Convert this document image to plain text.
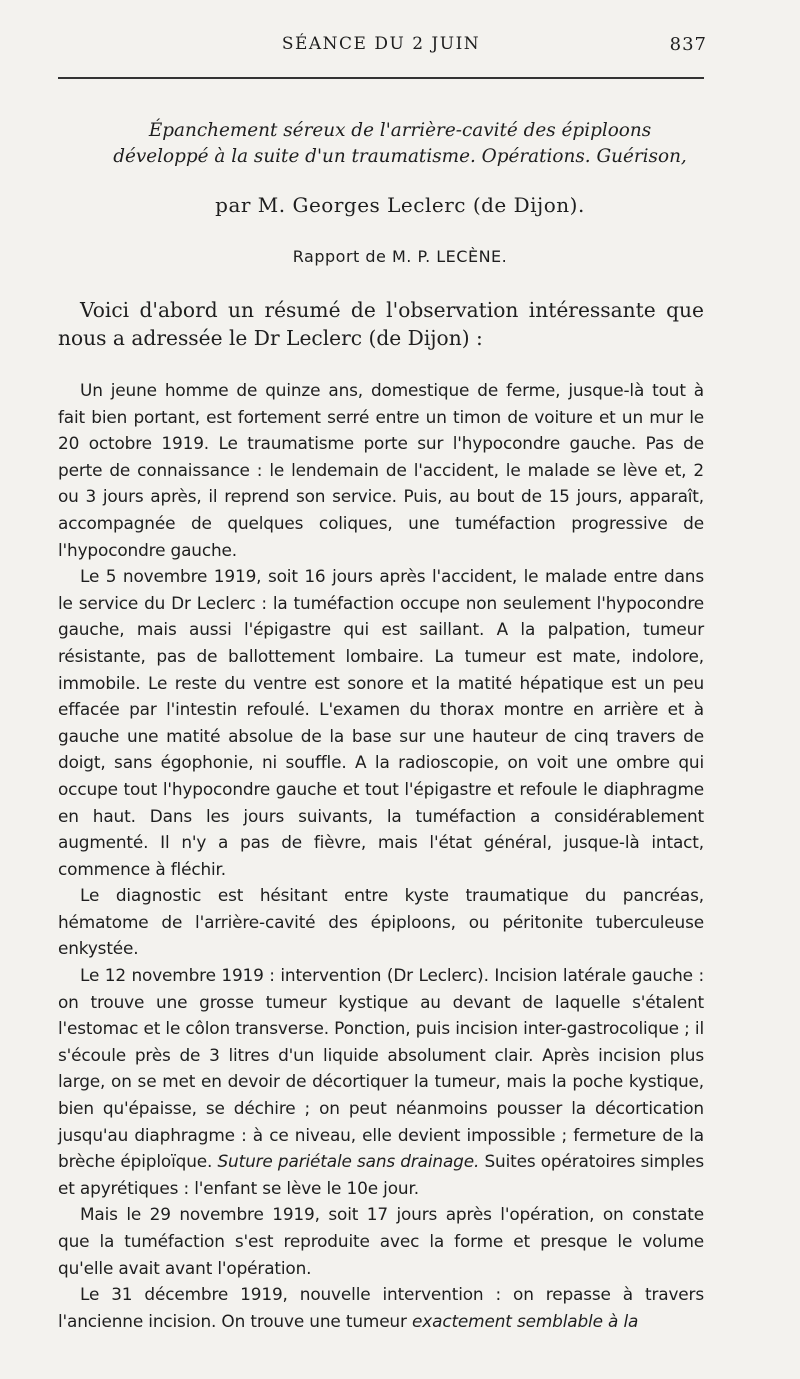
SÉANCE DU 2 JUIN	837
Épanchement séreux de l'arrière-cavité des épiploons
développé à la suite d'un traumatisme. Opérations. Guérison,
par M. Georges Leclerc (de Dijon).
Rapport de M. P. LECÈNE.

Voici d'abord un résumé de l'observation intéressante que nous a adressée le Dr Leclerc (de Dijon) :

Un jeune homme de quinze ans, domestique de ferme, jusque-là tout à fait bien portant, est fortement serré entre un timon de voiture et un mur le 20 octobre 1919. Le traumatisme porte sur l'hypocondre gauche. Pas de perte de connaissance : le lendemain de l'accident, le malade se lève et, 2 ou 3 jours après, il reprend son service. Puis, au bout de 15 jours, apparaît, accompagnée de quelques coliques, une tuméfaction progressive de l'hypocondre gauche.

Le 5 novembre 1919, soit 16 jours après l'accident, le malade entre dans le service du Dr Leclerc : la tuméfaction occupe non seulement l'hypocondre gauche, mais aussi l'épigastre qui est saillant. A la palpation, tumeur résistante, pas de ballottement lombaire. La tumeur est mate, indolore, immobile. Le reste du ventre est sonore et la matité hépatique est un peu effacée par l'intestin refoulé. L'examen du thorax montre en arrière et à gauche une matité absolue de la base sur une hauteur de cinq travers de doigt, sans égophonie, ni souffle. A la radioscopie, on voit une ombre qui occupe tout l'hypocondre gauche et tout l'épigastre et refoule le diaphragme en haut. Dans les jours suivants, la tuméfaction a considérablement augmenté. Il n'y a pas de fièvre, mais l'état général, jusque-là intact, commence à fléchir.

Le diagnostic est hésitant entre kyste traumatique du pancréas, hématome de l'arrière-cavité des épiploons, ou péritonite tuberculeuse enkystée.

Le 12 novembre 1919 : intervention (Dr Leclerc). Incision latérale gauche : on trouve une grosse tumeur kystique au devant de laquelle s'étalent l'estomac et le côlon transverse. Ponction, puis incision inter-gastrocolique ; il s'écoule près de 3 litres d'un liquide absolument clair. Après incision plus large, on se met en devoir de décortiquer la tumeur, mais la poche kystique, bien qu'épaisse, se déchire ; on peut néanmoins pousser la décortication jusqu'au diaphragme : à ce niveau, elle devient impossible ; fermeture de la brèche épiploïque. Suture pariétale sans drainage. Suites opératoires simples et apyrétiques : l'enfant se lève le 10e jour.

Mais le 29 novembre 1919, soit 17 jours après l'opération, on constate que la tuméfaction s'est reproduite avec la forme et presque le volume qu'elle avait avant l'opération.

Le 31 décembre 1919, nouvelle intervention : on repasse à travers l'ancienne incision. On trouve une tumeur exactement semblable à la
